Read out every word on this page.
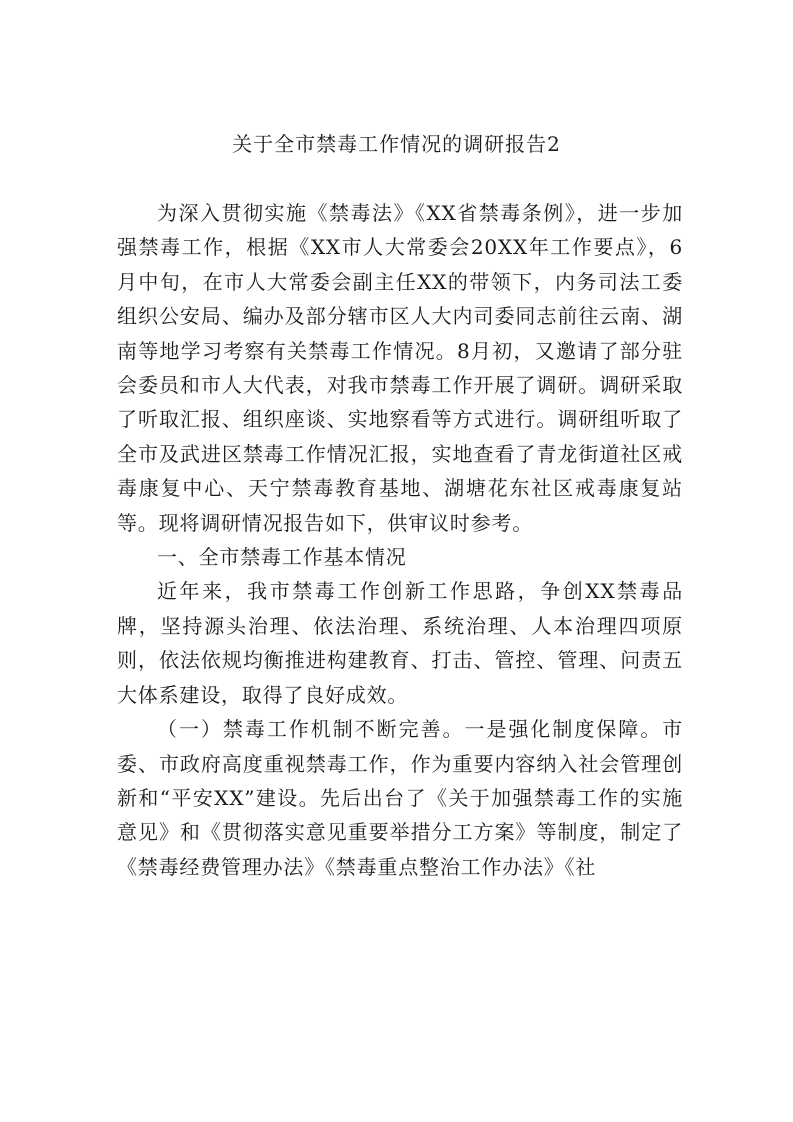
关于全市禁毒工作情况的调研报告2

为深入贯彻实施《禁毒法》《XX省禁毒条例》，进一步加强禁毒工作，根据《XX市人大常委会20XX年工作要点》，6月中旬，在市人大常委会副主任XX的带领下，内务司法工委组织公安局、编办及部分辖市区人大内司委同志前往云南、湖南等地学习考察有关禁毒工作情况。8月初，又邀请了部分驻会委员和市人大代表，对我市禁毒工作开展了调研。调研采取了听取汇报、组织座谈、实地察看等方式进行。调研组听取了全市及武进区禁毒工作情况汇报，实地查看了青龙街道社区戒毒康复中心、天宁禁毒教育基地、湖塘花东社区戒毒康复站等。现将调研情况报告如下，供审议时参考。

一、全市禁毒工作基本情况

近年来，我市禁毒工作创新工作思路，争创XX禁毒品牌，坚持源头治理、依法治理、系统治理、人本治理四项原则，依法依规均衡推进构建教育、打击、管控、管理、问责五大体系建设，取得了良好成效。

（一）禁毒工作机制不断完善。一是强化制度保障。市委、市政府高度重视禁毒工作，作为重要内容纳入社会管理创新和“平安XX”建设。先后出台了《关于加强禁毒工作的实施意见》和《贯彻落实意见重要举措分工方案》等制度，制定了《禁毒经费管理办法》《禁毒重点整治工作办法》《社
